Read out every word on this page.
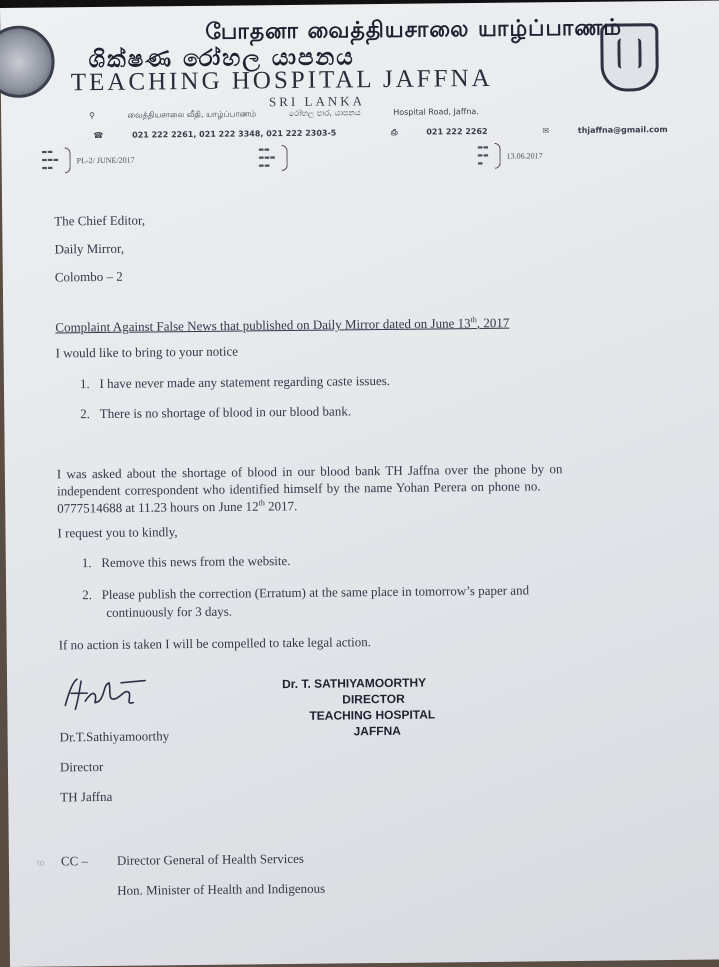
போதனா வைத்தியசாலை யாழ்ப்பாணம்
ශික්ෂණ රෝහල යාපනය
TEACHING HOSPITAL JAFFNA
SRI LANKA
⚲	வைத்தியசாலை வீதி, யாழ்ப்பாணம்	රෝහල පාර, යාපනය	Hospital Road, Jaffna.
☎	021 222 2261, 021 222 3348, 021 222 2303-5	⎙	021 222 2262	✉	thjaffna@gmail.com
▬▬
▬▬▬
▬▬PL-2/ JUNE/2017  ▬▬
▬▬▬
▬▬  ▬▬
▬▬
▬13.06.2017
The Chief Editor,
Daily Mirror,
Colombo – 2
Complaint Against False News that published on Daily Mirror dated on June 13th, 2017
I would like to bring to your notice
1. I have never made any statement regarding caste issues.
2. There is no shortage of blood in our blood bank.
I was asked about the shortage of blood in our blood bank TH Jaffna over the phone by on
independent correspondent who identified himself by the name Yohan Perera on phone no.
0777514688 at 11.23 hours on June 12th 2017.
I request you to kindly,
1. Remove this news from the website.
2. Please publish the correction (Erratum) at the same place in tomorrow’s paper and
continuously for 3 days.
If no action is taken I will be compelled to take legal action.
Dr. T. SATHIYAMOORTHY
DIRECTOR
TEACHING HOSPITAL
JAFFNA
Dr.T.Sathiyamoorthy
Director
TH Jaffna
to CC – Director General of Health Services
Hon. Minister of Health and Indigenous
